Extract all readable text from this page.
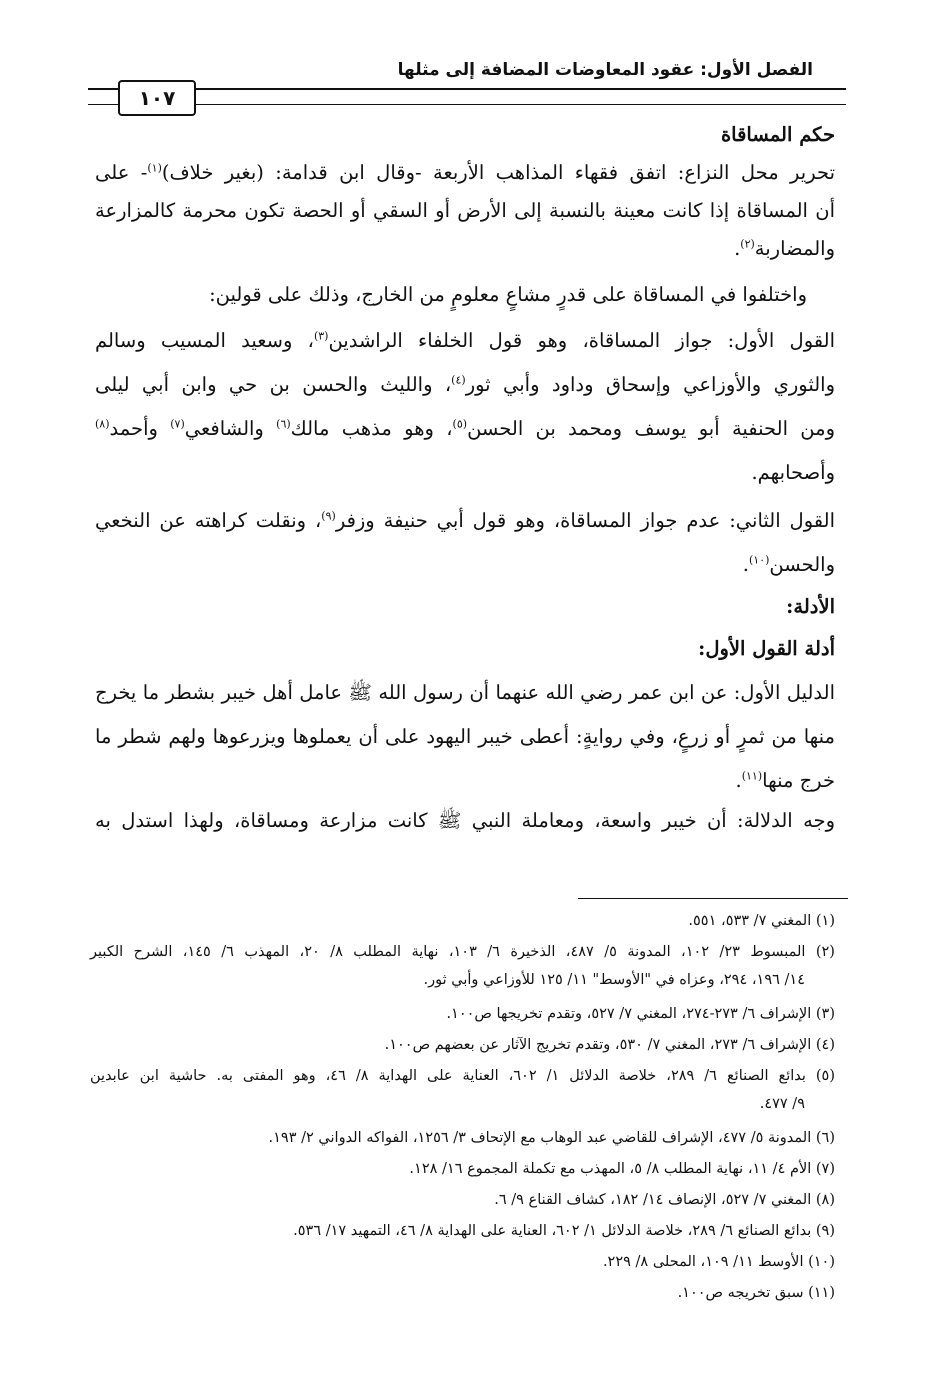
الفصل الأول: عقود المعاوضات المضافة إلى مثلها
١٠٧
حكم المساقاة
تحرير محل النزاع: اتفق فقهاء المذاهب الأربعة -وقال ابن قدامة: (بغير خلاف)$^{(١)}$- على
أن المساقاة إذا كانت معينة بالنسبة إلى الأرض أو السقي أو الحصة تكون محرمة كالمزارعة
والمضاربة$^{(٢)}$.
واختلفوا في المساقاة على قدرٍ مشاعٍ معلومٍ من الخارج، وذلك على قولين:
القول الأول: جواز المساقاة، وهو قول الخلفاء الراشدين$^{(٣)}$، وسعيد المسيب وسالم
والثوري والأوزاعي وإسحاق وداود وأبي ثور$^{(٤)}$، والليث والحسن بن حي وابن أبي ليلى
ومن الحنفية أبو يوسف ومحمد بن الحسن$^{(٥)}$، وهو مذهب مالك$^{(٦)}$ والشافعي$^{(٧)}$ وأحمد$^{(٨)}$
وأصحابهم.
القول الثاني: عدم جواز المساقاة، وهو قول أبي حنيفة وزفر$^{(٩)}$، ونقلت كراهته عن النخعي
والحسن$^{(١٠)}$.
الأدلة:
أدلة القول الأول:
الدليل الأول: عن ابن عمر رضي الله عنهما أن رسول الله ﷺ عامل أهل خيبر بشطر ما يخرج
منها من ثمرٍ أو زرعٍ، وفي روايةٍ: أعطى خيبر اليهود على أن يعملوها ويزرعوها ولهم شطر ما
خرج منها$^{(١١)}$.
وجه الدلالة: أن خيبر واسعة، ومعاملة النبي ﷺ كانت مزارعة ومساقاة، ولهذا استدل به
(١) المغني ٧/ ٥٣٣، ٥٥١.
(٢) المبسوط ٢٣/ ١٠٢، المدونة ٥/ ٤٨٧، الذخيرة ٦/ ١٠٣، نهاية المطلب ٨/ ٢٠، المهذب ٦/ ١٤٥، الشرح الكبير
١٤/ ١٩٦، ٢٩٤، وعزاه في "الأوسط" ١١/ ١٢٥ للأوزاعي وأبي ثور.
(٣) الإشراف ٦/ ٢٧٣-٢٧٤، المغني ٧/ ٥٢٧، وتقدم تخريجها ص١٠٠.
(٤) الإشراف ٦/ ٢٧٣، المغني ٧/ ٥٣٠، وتقدم تخريج الآثار عن بعضهم ص١٠٠.
(٥) بدائع الصنائع ٦/ ٢٨٩، خلاصة الدلائل ١/ ٦٠٢، العناية على الهداية ٨/ ٤٦، وهو المفتى به. حاشية ابن عابدين
٩/ ٤٧٧.
(٦) المدونة ٥/ ٤٧٧، الإشراف للقاضي عبد الوهاب مع الإتحاف ٣/ ١٢٥٦، الفواكه الدواني ٢/ ١٩٣.
(٧) الأم ٤/ ١١، نهاية المطلب ٨/ ٥، المهذب مع تكملة المجموع ١٦/ ١٢٨.
(٨) المغني ٧/ ٥٢٧، الإنصاف ١٤/ ١٨٢، كشاف القناع ٩/ ٦.
(٩) بدائع الصنائع ٦/ ٢٨٩، خلاصة الدلائل ١/ ٦٠٢، العناية على الهداية ٨/ ٤٦، التمهيد ١٧/ ٥٣٦.
(١٠) الأوسط ١١/ ١٠٩، المحلى ٨/ ٢٢٩.
(١١) سبق تخريجه ص١٠٠.
